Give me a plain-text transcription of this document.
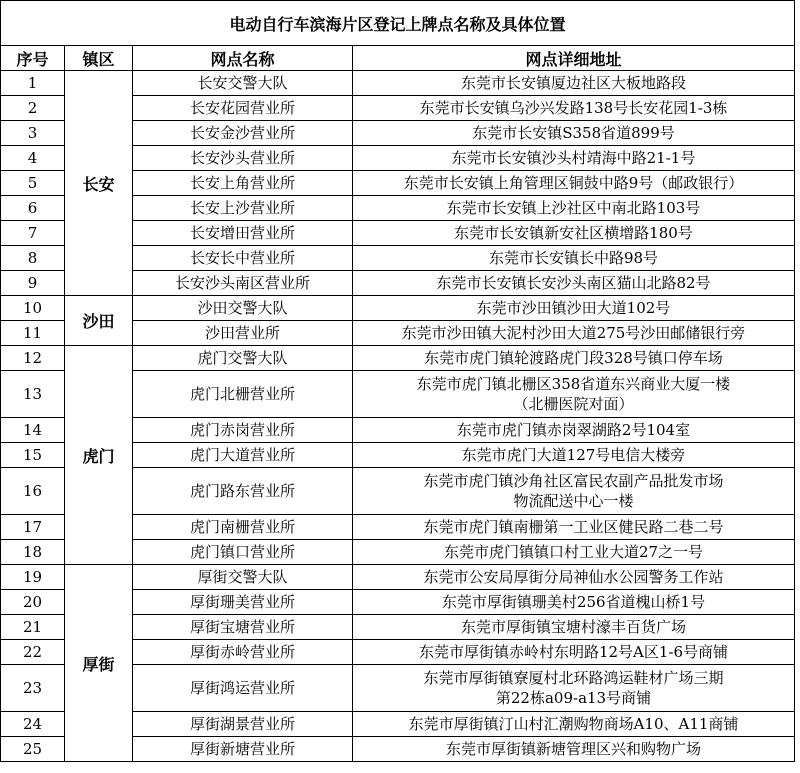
电动自行车滨海片区登记上牌点名称及具体位置			
序号	镇区	网点名称	网点详细地址
1	长安	长安交警大队	东莞市长安镇厦边社区大板地路段
2		长安花园营业所	东莞市长安镇乌沙兴发路138号长安花园1-3栋
3		长安金沙营业所	东莞市长安镇S358省道899号
4		长安沙头营业所	东莞市长安镇沙头村靖海中路21-1号
5		长安上角营业所	东莞市长安镇上角管理区铜鼓中路9号（邮政银行）
6		长安上沙营业所	东莞市长安镇上沙社区中南北路103号
7		长安增田营业所	东莞市长安镇新安社区横增路180号
8		长安长中营业所	东莞市长安镇长中路98号
9		长安沙头南区营业所	东莞市长安镇长安沙头南区猫山北路82号
10	沙田	沙田交警大队	东莞市沙田镇沙田大道102号
11		沙田营业所	东莞市沙田镇大泥村沙田大道275号沙田邮储银行旁
12	虎门	虎门交警大队	东莞市虎门镇轮渡路虎门段328号镇口停车场
13		虎门北栅营业所	东莞市虎门镇北栅区358省道东兴商业大厦一楼
（北栅医院对面）

14		虎门赤岗营业所	东莞市虎门镇赤岗翠湖路2号104室
15		虎门大道营业所	东莞市虎门大道127号电信大楼旁
16		虎门路东营业所	东莞市虎门镇沙角社区富民农副产品批发市场
物流配送中心一楼

17		虎门南栅营业所	东莞市虎门镇南栅第一工业区健民路二巷二号
18		虎门镇口营业所	东莞市虎门镇镇口村工业大道27之一号
19	厚街	厚街交警大队	东莞市公安局厚街分局神仙水公园警务工作站
20		厚街珊美营业所	东莞市厚街镇珊美村256省道槐山桥1号
21		厚街宝塘营业所	东莞市厚街镇宝塘村濠丰百货广场
22		厚街赤岭营业所	东莞市厚街镇赤岭村东明路12号A区1-6号商铺
23		厚街鸿运营业所	东莞市厚街镇寮厦村北环路鸿运鞋材广场三期
第22栋a09-a13号商铺

24		厚街湖景营业所	东莞市厚街镇汀山村汇潮购物商场A10、A11商铺
25		厚街新塘营业所	东莞市厚街镇新塘管理区兴和购物广场
